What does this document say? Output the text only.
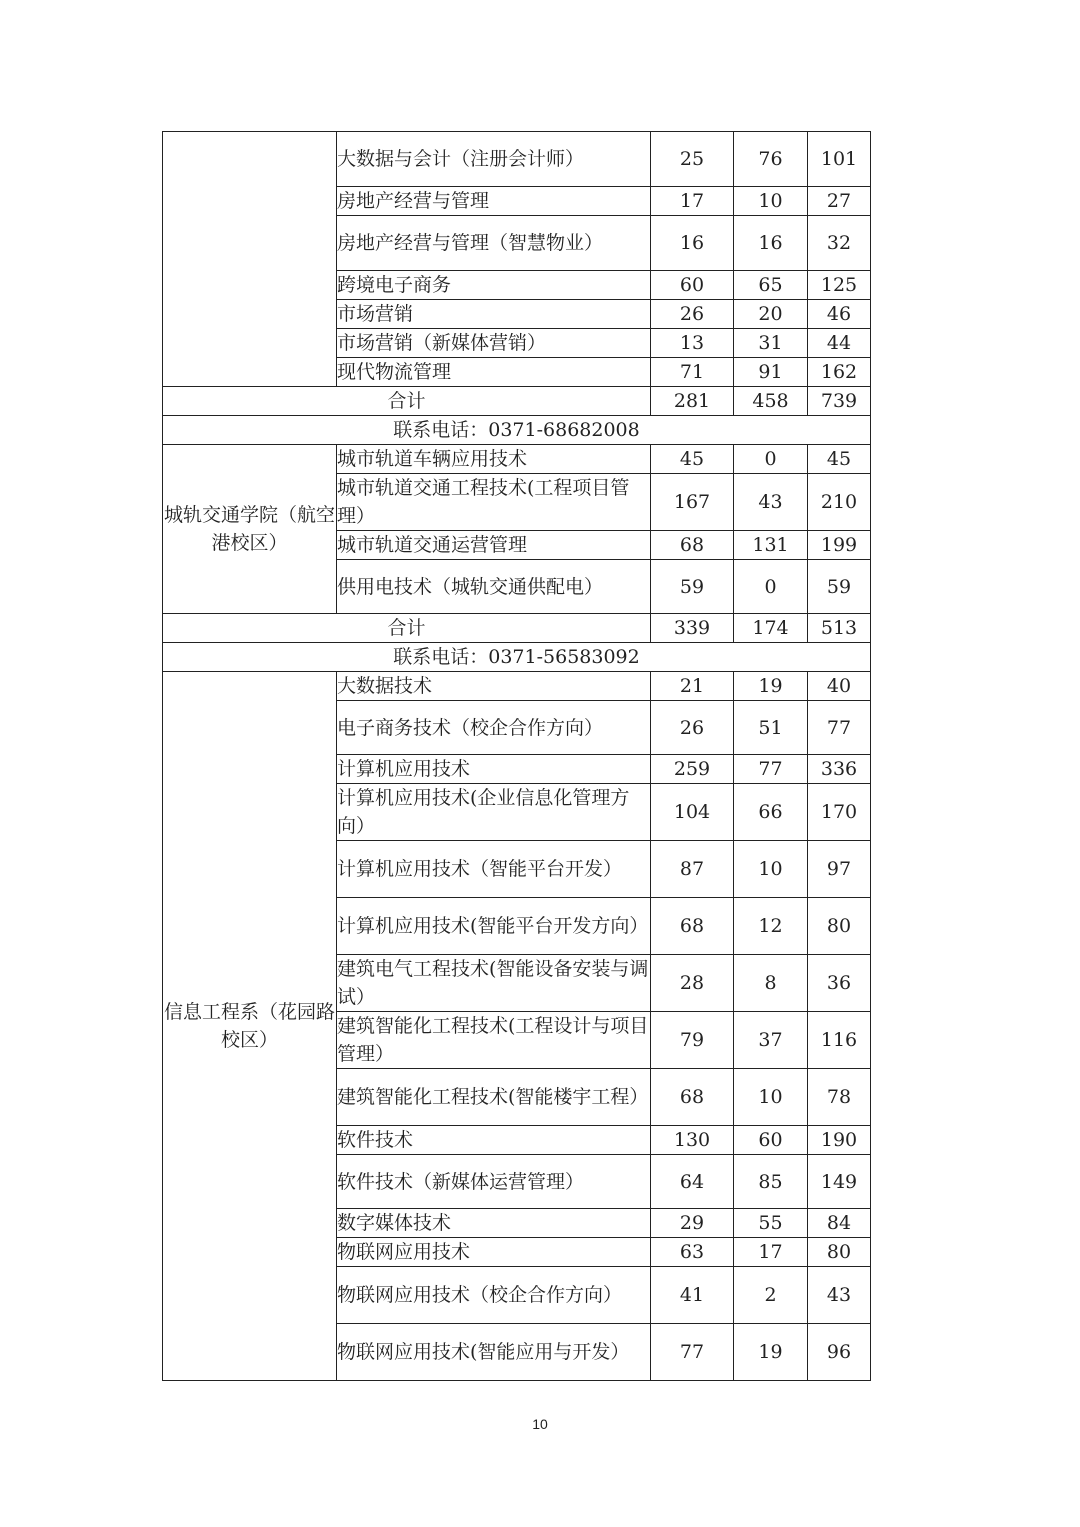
	大数据与会计（注册会计师）	25	76	101
	房地产经营与管理	17	10	27
	房地产经营与管理（智慧物业）	16	16	32
	跨境电子商务	60	65	125
	市场营销	26	20	46
	市场营销（新媒体营销）	13	31	44
	现代物流管理	71	91	162
合计		281	458	739
联系电话：0371-68682008				
城轨交通学院（航空港校区）	城市轨道车辆应用技术	45	0	45
	城市轨道交通工程技术(工程项目管理）	167	43	210
	城市轨道交通运营管理	68	131	199
	供用电技术（城轨交通供配电）	59	0	59
合计		339	174	513
联系电话：0371-56583092				
信息工程系（花园路校区）	大数据技术	21	19	40
	电子商务技术（校企合作方向）	26	51	77
	计算机应用技术	259	77	336
	计算机应用技术(企业信息化管理方向）	104	66	170
	计算机应用技术（智能平台开发）	87	10	97
	计算机应用技术(智能平台开发方向）	68	12	80
	建筑电气工程技术(智能设备安装与调试）	28	8	36
	建筑智能化工程技术(工程设计与项目管理）	79	37	116
	建筑智能化工程技术(智能楼宇工程）	68	10	78
	软件技术	130	60	190
	软件技术（新媒体运营管理）	64	85	149
	数字媒体技术	29	55	84
	物联网应用技术	63	17	80
	物联网应用技术（校企合作方向）	41	2	43
	物联网应用技术(智能应用与开发）	77	19	96
10
